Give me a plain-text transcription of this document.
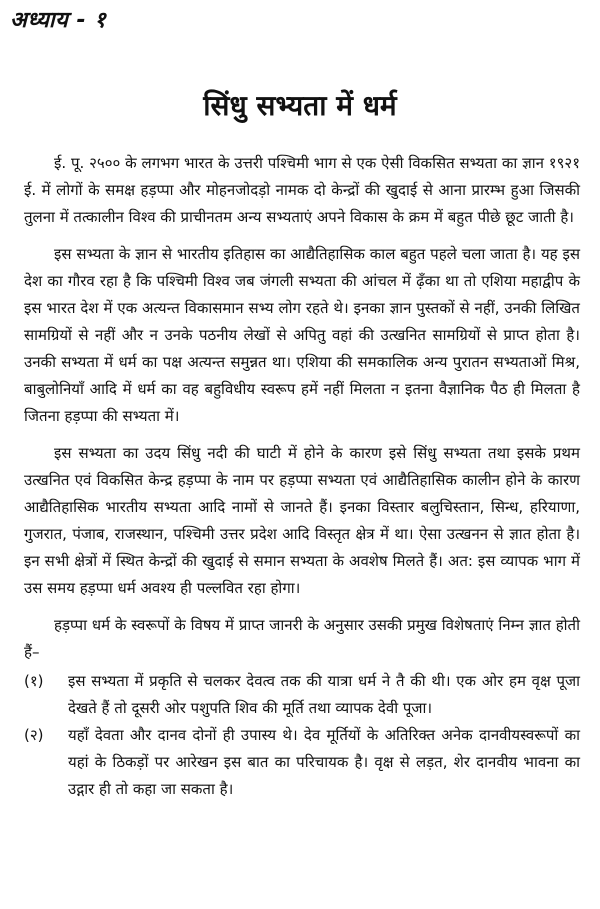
अध्याय - १
सिंधु सभ्यता में धर्म

ई. पू. २५०० के लगभग भारत के उत्तरी पश्चिमी भाग से एक ऐसी विकसित सभ्यता का ज्ञान १९२१ ई. में लोगों के समक्ष हड़प्पा और मोहनजोदड़ो नामक दो केन्द्रों की खुदाई से आना प्रारम्भ हुआ जिसकी तुलना में तत्कालीन विश्व की प्राचीनतम अन्य सभ्यताएं अपने विकास के क्रम में बहुत पीछे छूट जाती है।

इस सभ्यता के ज्ञान से भारतीय इतिहास का आद्यैतिहासिक काल बहुत पहले चला जाता है। यह इस देश का गौरव रहा है कि पश्चिमी विश्व जब जंगली सभ्यता की आंचल में ढ़ँका था तो एशिया महाद्वीप के इस भारत देश में एक अत्यन्त विकासमान सभ्य लोग रहते थे। इनका ज्ञान पुस्तकों से नहीं, उनकी लिखित सामग्रियों से नहीं और न उनके पठनीय लेखों से अपितु वहां की उत्खनित सामग्रियों से प्राप्त होता है। उनकी सभ्यता में धर्म का पक्ष अत्यन्त समुन्नत था। एशिया की समकालिक अन्य पुरातन सभ्यताओं मिश्र, बाबुलोनियाँ आदि में धर्म का वह बहुविधीय स्वरूप हमें नहीं मिलता न इतना वैज्ञानिक पैठ ही मिलता है जितना हड़प्पा की सभ्यता में।

इस सभ्यता का उदय सिंधु नदी की घाटी में होने के कारण इसे सिंधु सभ्यता तथा इसके प्रथम उत्खनित एवं विकसित केन्द्र हड़प्पा के नाम पर हड़प्पा सभ्यता एवं आद्यैतिहासिक कालीन होने के कारण आद्यैतिहासिक भारतीय सभ्यता आदि नामों से जानते हैं। इनका विस्तार बलुचिस्तान, सिन्ध, हरियाणा, गुजरात, पंजाब, राजस्थान, पश्चिमी उत्तर प्रदेश आदि विस्तृत क्षेत्र में था। ऐसा उत्खनन से ज्ञात होता है। इन सभी क्षेत्रों में स्थित केन्द्रों की खुदाई से समान सभ्यता के अवशेष मिलते हैं। अत: इस व्यापक भाग में उस समय हड़प्पा धर्म अवश्य ही पल्लवित रहा होगा।

हड़प्पा धर्म के स्वरूपों के विषय में प्राप्त जानरी के अनुसार उसकी प्रमुख विशेषताएं निम्न ज्ञात होती हैं–

(१)	इस सभ्यता में प्रकृति से चलकर देवत्व तक की यात्रा धर्म ने तै की थी। एक ओर हम वृक्ष पूजा देखते हैं तो दूसरी ओर पशुपति शिव की मूर्ति तथा व्यापक देवी पूजा।
(२)	यहाँ देवता और दानव दोनों ही उपास्य थे। देव मूर्तियों के अतिरिक्त अनेक दानवीयस्वरूपों का यहां के ठिकड़ों पर आरेखन इस बात का परिचायक है। वृक्ष से लड़त, शेर दानवीय भावना का उद्गार ही तो कहा जा सकता है।
